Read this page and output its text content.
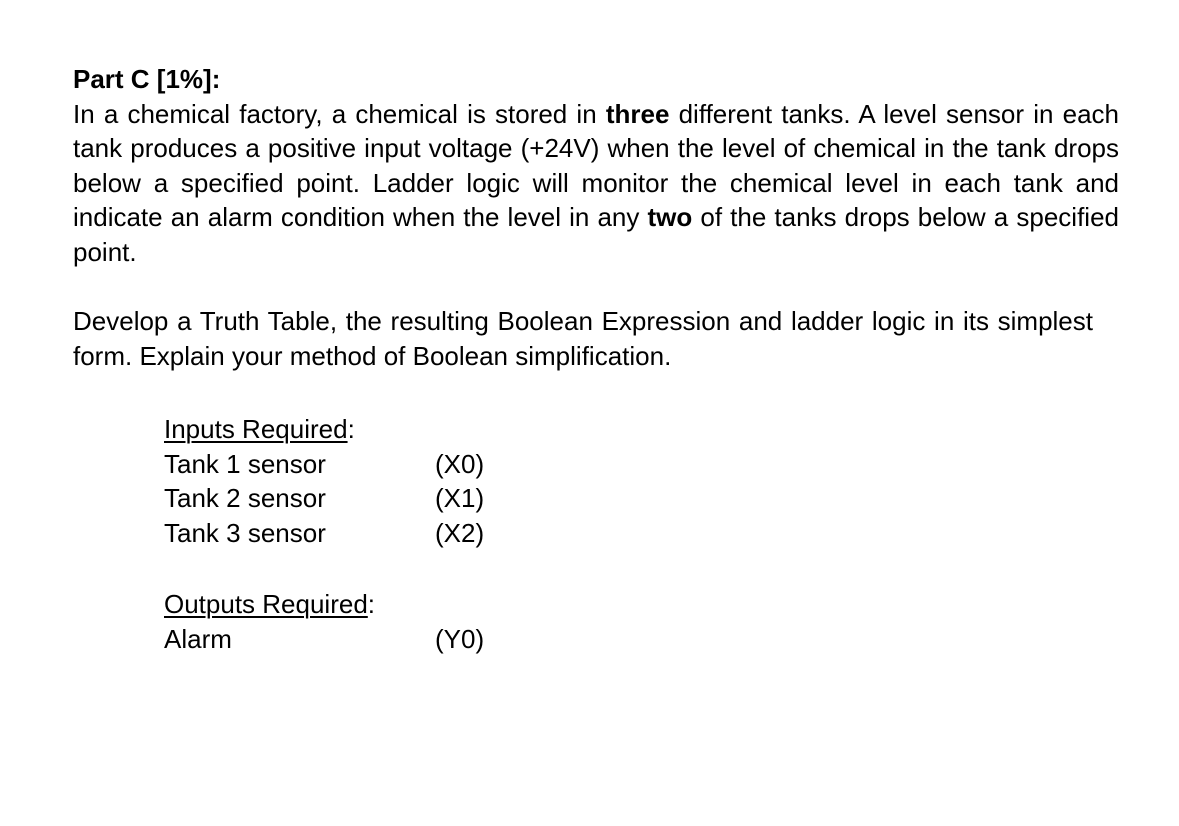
Part C [1%]:

In a chemical factory, a chemical is stored in three different tanks. A level sensor in each tank produces a positive input voltage (+24V) when the level of chemical in the tank drops below a specified point. Ladder logic will monitor the chemical level in each tank and indicate an alarm condition when the level in any two of the tanks drops below a specified point.

Develop a Truth Table, the resulting Boolean Expression and ladder logic in its simplest form. Explain your method of Boolean simplification.

Inputs Required:
Tank 1 sensor	(X0)
Tank 2 sensor	(X1)
Tank 3 sensor	(X2)
Outputs Required:
Alarm	(Y0)
